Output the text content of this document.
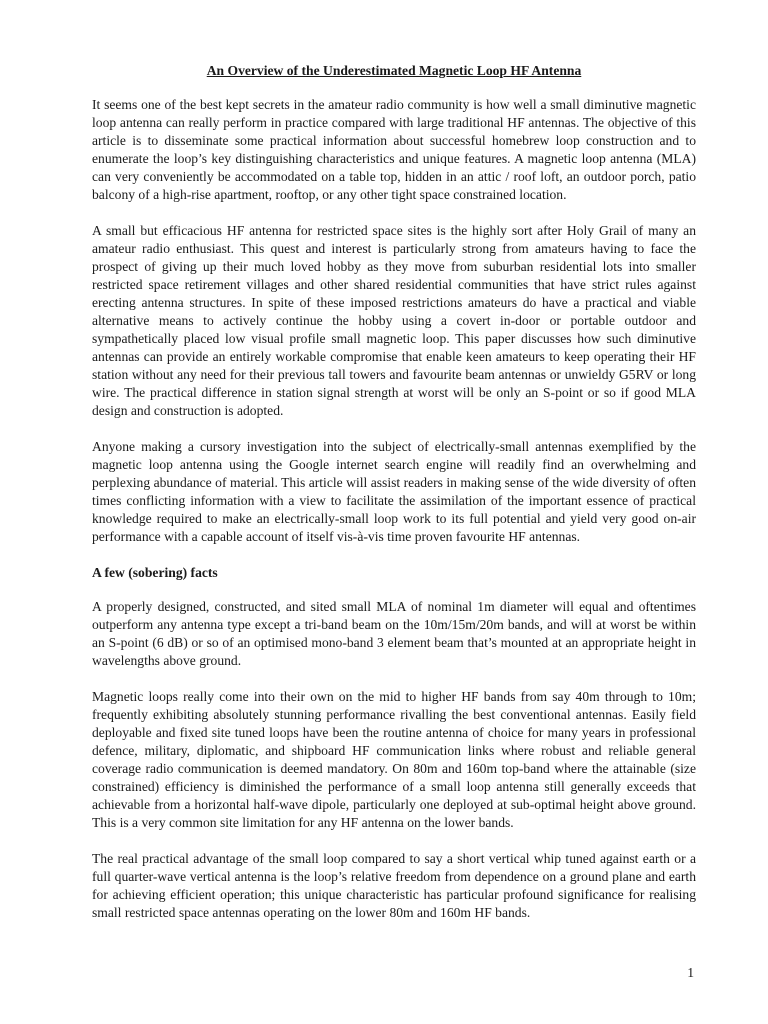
An Overview of the Underestimated Magnetic Loop HF Antenna

It seems one of the best kept secrets in the amateur radio community is how well a small diminutive magnetic loop antenna can really perform in practice compared with large traditional HF antennas. The objective of this article is to disseminate some practical information about successful homebrew loop construction and to enumerate the loop’s key distinguishing characteristics and unique features. A magnetic loop antenna (MLA) can very conveniently be accommodated on a table top, hidden in an attic / roof loft, an outdoor porch, patio balcony of a high-rise apartment, rooftop, or any other tight space constrained location.

A small but efficacious HF antenna for restricted space sites is the highly sort after Holy Grail of many an amateur radio enthusiast. This quest and interest is particularly strong from amateurs having to face the prospect of giving up their much loved hobby as they move from suburban residential lots into smaller restricted space retirement villages and other shared residential communities that have strict rules against erecting antenna structures. In spite of these imposed restrictions amateurs do have a practical and viable alternative means to actively continue the hobby using a covert in-door or portable outdoor and sympathetically placed low visual profile small magnetic loop. This paper discusses how such diminutive antennas can provide an entirely workable compromise that enable keen amateurs to keep operating their HF station without any need for their previous tall towers and favourite beam antennas or unwieldy G5RV or long wire. The practical difference in station signal strength at worst will be only an S-point or so if good MLA design and construction is adopted.

Anyone making a cursory investigation into the subject of electrically-small antennas exemplified by the magnetic loop antenna using the Google internet search engine will readily find an overwhelming and perplexing abundance of material. This article will assist readers in making sense of the wide diversity of often times conflicting information with a view to facilitate the assimilation of the important essence of practical knowledge required to make an electrically-small loop work to its full potential and yield very good on-air performance with a capable account of itself vis-à-vis time proven favourite HF antennas.

A few (sobering) facts

A properly designed, constructed, and sited small MLA of nominal 1m diameter will equal and oftentimes outperform any antenna type except a tri-band beam on the 10m/15m/20m bands, and will at worst be within an S-point (6 dB) or so of an optimised mono-band 3 element beam that’s mounted at an appropriate height in wavelengths above ground.

Magnetic loops really come into their own on the mid to higher HF bands from say 40m through to 10m; frequently exhibiting absolutely stunning performance rivalling the best conventional antennas. Easily field deployable and fixed site tuned loops have been the routine antenna of choice for many years in professional defence, military, diplomatic, and shipboard HF communication links where robust and reliable general coverage radio communication is deemed mandatory. On 80m and 160m top-band where the attainable (size constrained) efficiency is diminished the performance of a small loop antenna still generally exceeds that achievable from a horizontal half-wave dipole, particularly one deployed at sub-optimal height above ground. This is a very common site limitation for any HF antenna on the lower bands.

The real practical advantage of the small loop compared to say a short vertical whip tuned against earth or a full quarter-wave vertical antenna is the loop’s relative freedom from dependence on a ground plane and earth for achieving efficient operation; this unique characteristic has particular profound significance for realising small restricted space antennas operating on the lower 80m and 160m HF bands.

1
